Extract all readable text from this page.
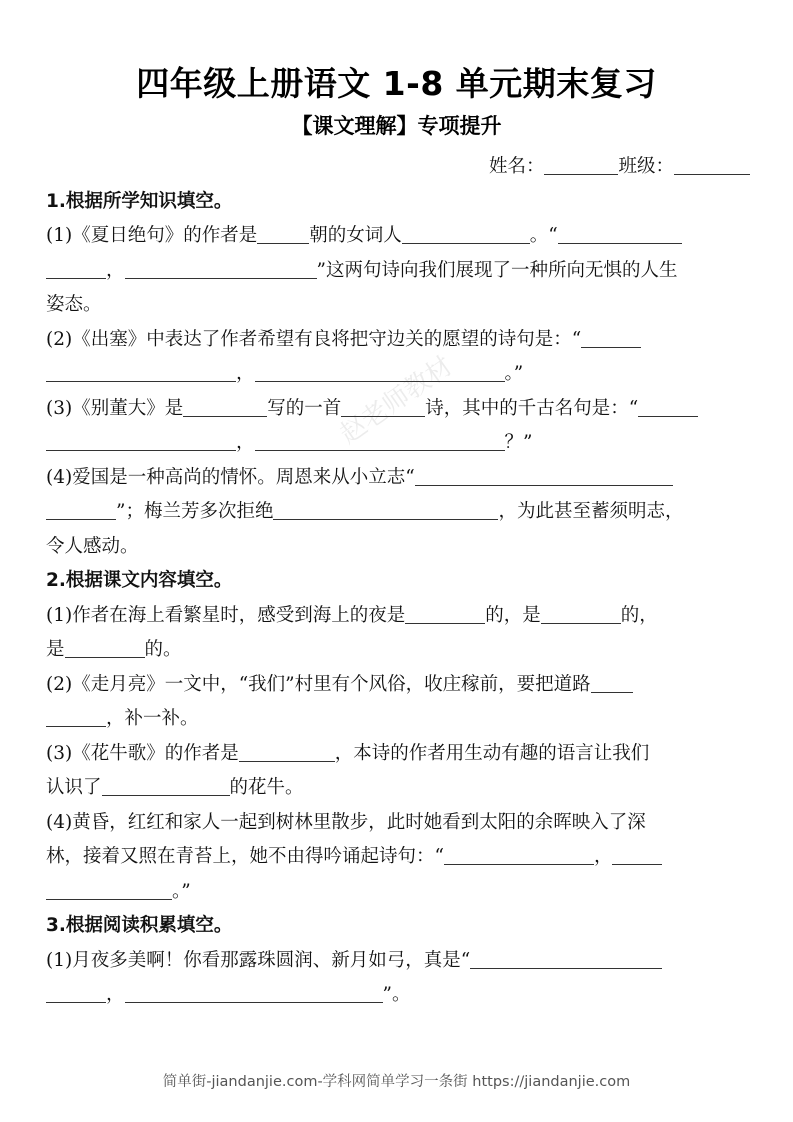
四年级上册语文 1-8 单元期末复习
【课文理解】专项提升
赵老师教材
姓名：	班级：
1.根据所学知识填空。
(1)《夏日绝句》的作者是	朝的女词人	。“
，	”这两句诗向我们展现了一种所向无惧的人生
姿态。
(2)《出塞》中表达了作者希望有良将把守边关的愿望的诗句是：“
，	。”
(3)《别董大》是	写的一首	诗，其中的千古名句是：“
，	？”
(4)爱国是一种高尚的情怀。周恩来从小立志“
”；梅兰芳多次拒绝	，为此甚至蓄须明志，
令人感动。
2.根据课文内容填空。
(1)作者在海上看繁星时，感受到海上的夜是	的，是	的，
是	的。
(2)《走月亮》一文中，“我们”村里有个风俗，收庄稼前，要把道路
，补一补。
(3)《花牛歌》的作者是	，本诗的作者用生动有趣的语言让我们
认识了	的花牛。
(4)黄昏，红红和家人一起到树林里散步，此时她看到太阳的余晖映入了深
林，接着又照在青苔上，她不由得吟诵起诗句：“	，
。”
3.根据阅读积累填空。
(1)月夜多美啊！你看那露珠圆润、新月如弓，真是“
，	”。
简单街-jiandanjie.com-学科网简单学习一条街 https://jiandanjie.com
